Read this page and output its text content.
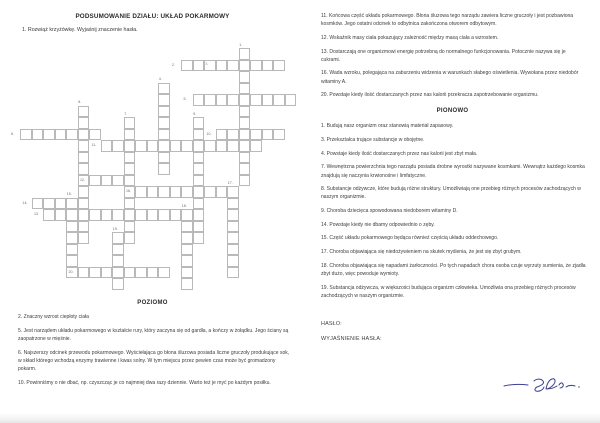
PODSUMOWANIE DZIAŁU: UKŁAD POKARMOWY
1. Rozwiąż krzyżówkę. Wyjaśnij znaczenie hasła.
1.
2.	3.
8.
4.
5.
6.
7.	9.
10.
11.
12.
13.
14.
15.
16.
17.
18.
19.
20.
POZIOMO

2. Znaczny wzrost ciepłoty ciała

5. Jest narządem układu pokarmowego w kształcie rury, który zaczyna się od gardła, a kończy w żołądku. Jego ściany są zaopatrzone w mięśnie.

6. Najszerszy odcinek przewodu pokarmowego. Wyściełająca go błona śluzowa posiada liczne gruczoły produkujące sok, w skład którego wchodzą enzymy trawienne i kwas solny. W tym miejscu przez pewien czas może być gromadzony pokarm.

10. Powinniśmy o nie dbać, np. czyszcząc je co najmniej dwa razy dziennie. Warto też je myć po każdym posiłku.

11. Końcowa część układu pokarmowego. Błona śluzowa tego narządu zawiera liczne gruczoły i jest pozbawiona kosmków. Jego ostatni odcinek to odbytnica zakończona otworem odbytowym.

12. Wskaźnik masy ciała pokazujący zależność między masą ciała a wzrostem.

13. Dostarczają one organizmowi energię potrzebną do normalnego funkcjonowania. Potocznie nazywa się je cukrami.

16. Wada wzroku, polegająca na zaburzeniu widzenia w warunkach słabego oświetlenia. Wywołana przez niedobór witaminy A.

20. Powstaje kiedy ilość dostarczanych przez nas kalorii przekracza zapotrzebowanie organizmu.

PIONOWO

1. Budują nasz organizm oraz stanowią materiał zapasowy.

3. Przekształca trujące substancje w obojętne.

4. Powstaje kiedy ilość dostarczanych przez nas kalorii jest zbyt mała.

7. Wewnętrzna powierzchnia tego narządu posiada drobne wyrostki nazywane kosmkami. Wewnątrz każdego kosmka znajdują się naczynia krwionośne i limfatyczne.

8. Substancje odżywcze, które budują różne struktury. Umożliwiają one przebieg różnych procesów zachodzących w naszym organizmie.

9. Choroba dziecięca spowodowana niedoborem witaminy D.

14. Powstaje kiedy nie dbamy odpowiednio o zęby.

15. Część układu pokarmowego będąca również częścią układu oddechowego.

17. Choroba objawiająca się niedożywieniem na skutek myślenia, że jest się zbyt grubym.

18. Choroba objawiająca się napadami żarłoczności. Po tych napadach chora osoba czuje wyrzuty sumienia, że zjadła zbyt dużo, więc powoduje wymioty.

19. Substancja odżywcza, w większości budująca organizm człowieka. Umożliwia ona przebieg różnych procesów zachodzących w naszym organizmie.

HASŁO:
WYJAŚNIENIE HASŁA:
